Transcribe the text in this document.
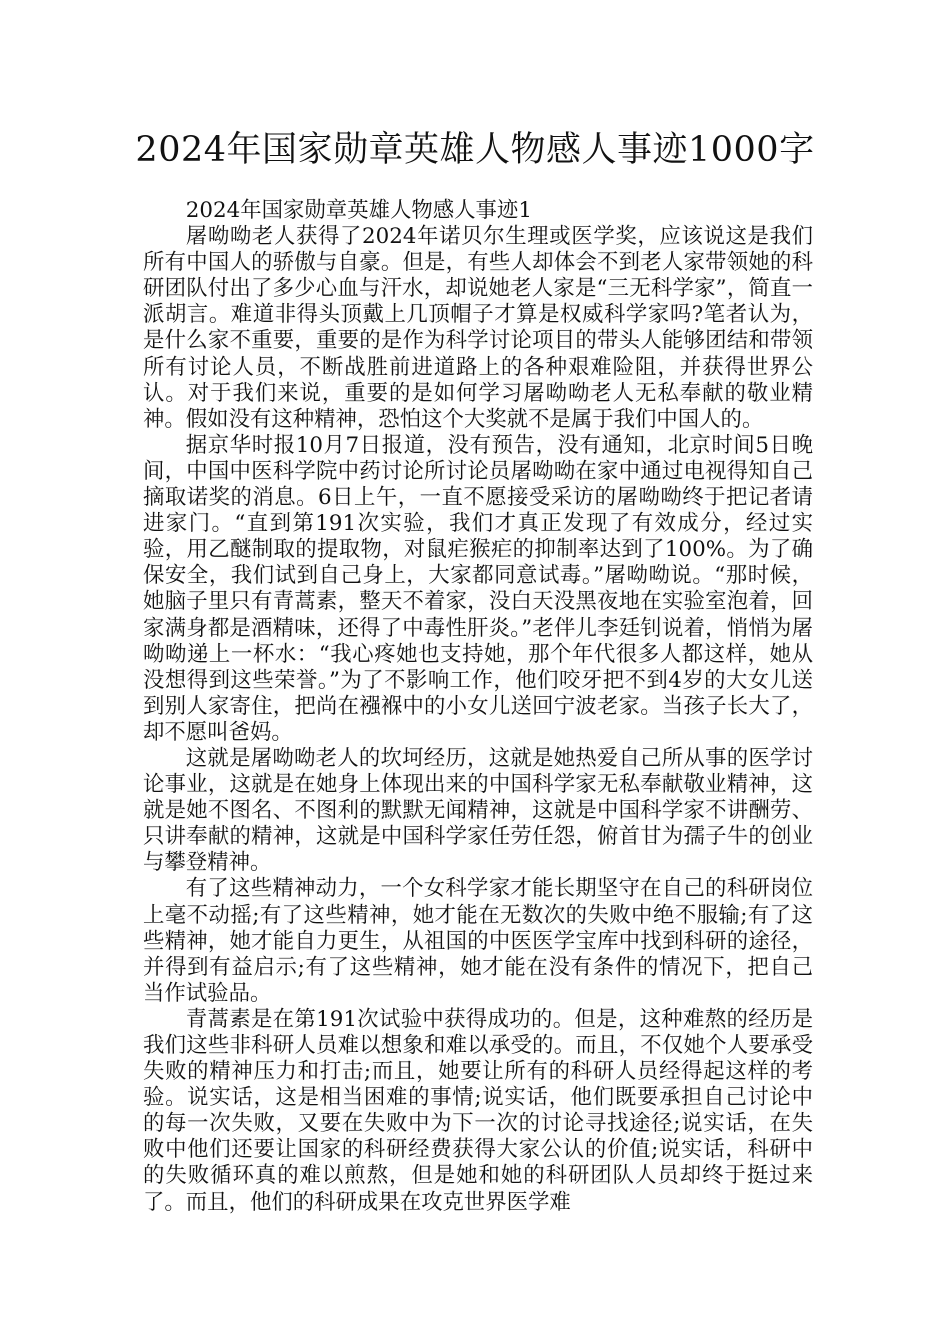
2024年国家勋章英雄人物感人事迹1000字

2024年国家勋章英雄人物感人事迹1

屠呦呦老人获得了2024年诺贝尔生理或医学奖，应该说这是我们所有中国人的骄傲与自豪。但是，有些人却体会不到老人家带领她的科研团队付出了多少心血与汗水，却说她老人家是“三无科学家”，简直一派胡言。难道非得头顶戴上几顶帽子才算是权威科学家吗?笔者认为，是什么家不重要，重要的是作为科学讨论项目的带头人能够团结和带领所有讨论人员，不断战胜前进道路上的各种艰难险阻，并获得世界公认。对于我们来说，重要的是如何学习屠呦呦老人无私奉献的敬业精神。假如没有这种精神，恐怕这个大奖就不是属于我们中国人的。

据京华时报10月7日报道，没有预告，没有通知，北京时间5日晚间，中国中医科学院中药讨论所讨论员屠呦呦在家中通过电视得知自己摘取诺奖的消息。6日上午，一直不愿接受采访的屠呦呦终于把记者请进家门。“直到第191次实验，我们才真正发现了有效成分，经过实验，用乙醚制取的提取物，对鼠疟猴疟的抑制率达到了100%。为了确保安全，我们试到自己身上，大家都同意试毒。”屠呦呦说。“那时候，她脑子里只有青蒿素，整天不着家，没白天没黑夜地在实验室泡着，回家满身都是酒精味，还得了中毒性肝炎。”老伴儿李廷钊说着，悄悄为屠呦呦递上一杯水：“我心疼她也支持她，那个年代很多人都这样，她从没想得到这些荣誉。”为了不影响工作，他们咬牙把不到4岁的大女儿送到别人家寄住，把尚在襁褓中的小女儿送回宁波老家。当孩子长大了，却不愿叫爸妈。

这就是屠呦呦老人的坎坷经历，这就是她热爱自己所从事的医学讨论事业，这就是在她身上体现出来的中国科学家无私奉献敬业精神，这就是她不图名、不图利的默默无闻精神，这就是中国科学家不讲酬劳、只讲奉献的精神，这就是中国科学家任劳任怨，俯首甘为孺子牛的创业与攀登精神。

有了这些精神动力，一个女科学家才能长期坚守在自己的科研岗位上毫不动摇;有了这些精神，她才能在无数次的失败中绝不服输;有了这些精神，她才能自力更生，从祖国的中医医学宝库中找到科研的途径，并得到有益启示;有了这些精神，她才能在没有条件的情况下，把自己当作试验品。

青蒿素是在第191次试验中获得成功的。但是，这种难熬的经历是我们这些非科研人员难以想象和难以承受的。而且，不仅她个人要承受失败的精神压力和打击;而且，她要让所有的科研人员经得起这样的考验。说实话，这是相当困难的事情;说实话，他们既要承担自己讨论中的每一次失败，又要在失败中为下一次的讨论寻找途径;说实话，在失败中他们还要让国家的科研经费获得大家公认的价值;说实话，科研中的失败循环真的难以煎熬，但是她和她的科研团队人员却终于挺过来了。而且，他们的科研成果在攻克世界医学难
